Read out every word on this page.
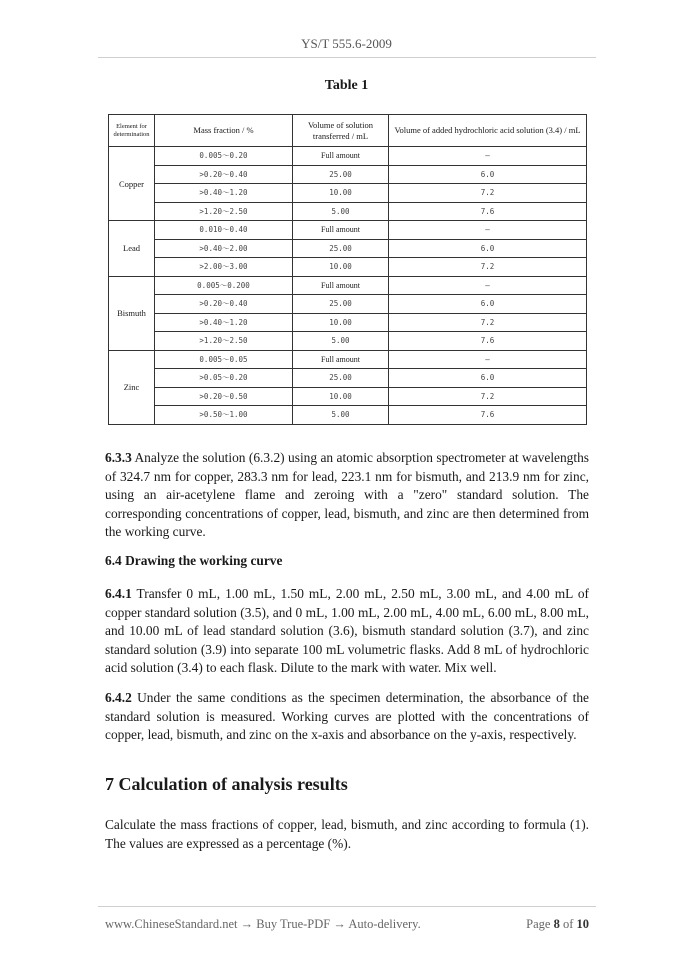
YS/T 555.6-2009
Table 1
Element for determination	Mass fraction / %	Volume of solution transferred / mL	Volume of added hydrochloric acid solution (3.4) / mL
Copper	0.005～0.20	Full amount	—
	>0.20～0.40	25.00	6.0
	>0.40～1.20	10.00	7.2
	>1.20～2.50	5.00	7.6
Lead	0.010～0.40	Full amount	—
	>0.40～2.00	25.00	6.0
	>2.00～3.00	10.00	7.2
Bismuth	0.005～0.200	Full amount	—
	>0.20～0.40	25.00	6.0
	>0.40～1.20	10.00	7.2
	>1.20～2.50	5.00	7.6
Zinc	0.005～0.05	Full amount	—
	>0.05～0.20	25.00	6.0
	>0.20～0.50	10.00	7.2
	>0.50～1.00	5.00	7.6

6.3.3 Analyze the solution (6.3.2) using an atomic absorption spectrometer at wavelengths of 324.7 nm for copper, 283.3 nm for lead, 223.1 nm for bismuth, and 213.9 nm for zinc, using an air-acetylene flame and zeroing with a "zero" standard solution. The corresponding concentrations of copper, lead, bismuth, and zinc are then determined from the working curve.

6.4 Drawing the working curve

6.4.1 Transfer 0 mL, 1.00 mL, 1.50 mL, 2.00 mL, 2.50 mL, 3.00 mL, and 4.00 mL of copper standard solution (3.5), and 0 mL, 1.00 mL, 2.00 mL, 4.00 mL, 6.00 mL, 8.00 mL, and 10.00 mL of lead standard solution (3.6), bismuth standard solution (3.7), and zinc standard solution (3.9) into separate 100 mL volumetric flasks. Add 8 mL of hydrochloric acid solution (3.4) to each flask. Dilute to the mark with water. Mix well.

6.4.2 Under the same conditions as the specimen determination, the absorbance of the standard solution is measured. Working curves are plotted with the concentrations of copper, lead, bismuth, and zinc on the x-axis and absorbance on the y-axis, respectively.

7 Calculation of analysis results

Calculate the mass fractions of copper, lead, bismuth, and zinc according to formula (1). The values are expressed as a percentage (%).

www.ChineseStandard.net → Buy True-PDF → Auto-delivery.	Page 8 of 10
